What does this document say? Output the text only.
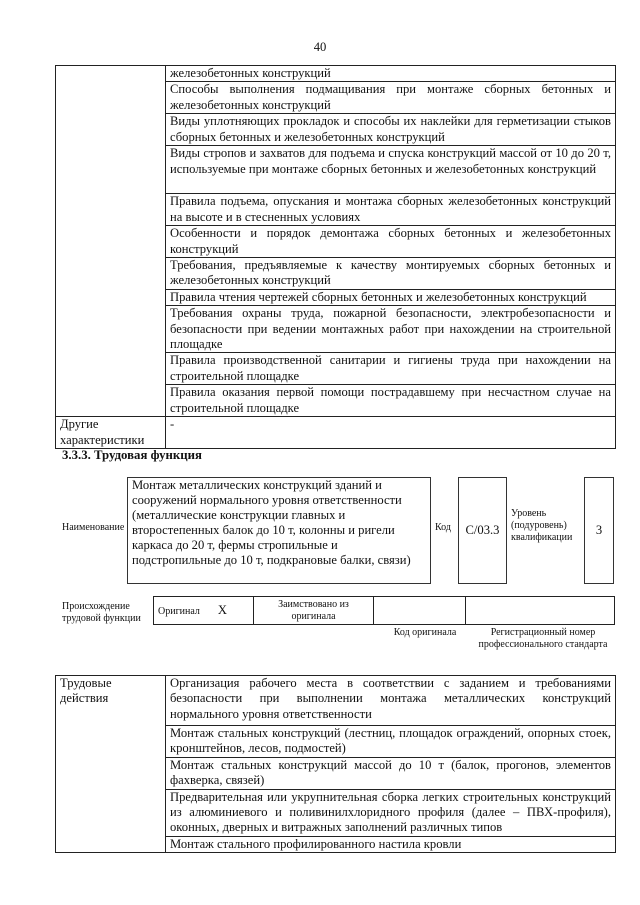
40
	железобетонных конструкций
	Способы выполнения подмащивания при монтаже сборных бетонных и железобетонных конструкций
	Виды уплотняющих прокладок и способы их наклейки для герметизации стыков сборных бетонных и железобетонных конструкций
	Виды стропов и захватов для подъема и спуска конструкций массой от 10 до 20 т, используемые при монтаже сборных бетонных и железобетонных конструкций
	Правила подъема, опускания и монтажа сборных железобетонных конструкций на высоте и в стесненных условиях
	Особенности и порядок демонтажа сборных бетонных и железобетонных конструкций
	Требования, предъявляемые к качеству монтируемых сборных бетонных и железобетонных конструкций
	Правила чтения чертежей сборных бетонных и железобетонных конструкций
	Требования охраны труда, пожарной безопасности, электробезопасности и безопасности при ведении монтажных работ при нахождении на строительной площадке
	Правила производственной санитарии и гигиены труда при нахождении на строительной площадке
	Правила оказания первой помощи пострадавшему при несчастном случае на строительной площадке
Другие характеристики	-
3.3.3. Трудовая функция
Наименование
Монтаж металлических конструкций зданий и сооружений нормального уровня ответственности (металлические конструкции главных и второстепенных балок до 10 т, колонны и ригели каркаса до 20 т, фермы стропильные и подстропильные до 10 т, подкрановые балки, связи)
Код	C/03.3
Уровень (подуровень) квалификации
3
Происхождение трудовой функции
Оригинал X	Заимствовано из оригинала		
Код оригинала	Регистрационный номер профессионального стандарта
Трудовые действия	Организация рабочего места в соответствии с заданием и требованиями безопасности при выполнении монтажа металлических конструкций нормального уровня ответственности
Монтаж стальных конструкций (лестниц, площадок ограждений, опорных стоек, кронштейнов, лесов, подмостей)
Монтаж стальных конструкций массой до 10 т (балок, прогонов, элементов фахверка, связей)
Предварительная или укрупнительная сборка легких строительных конструкций из алюминиевого и поливинилхлоридного профиля (далее – ПВХ-профиля), оконных, дверных и витражных заполнений различных типов
Монтаж стального профилированного настила кровли
